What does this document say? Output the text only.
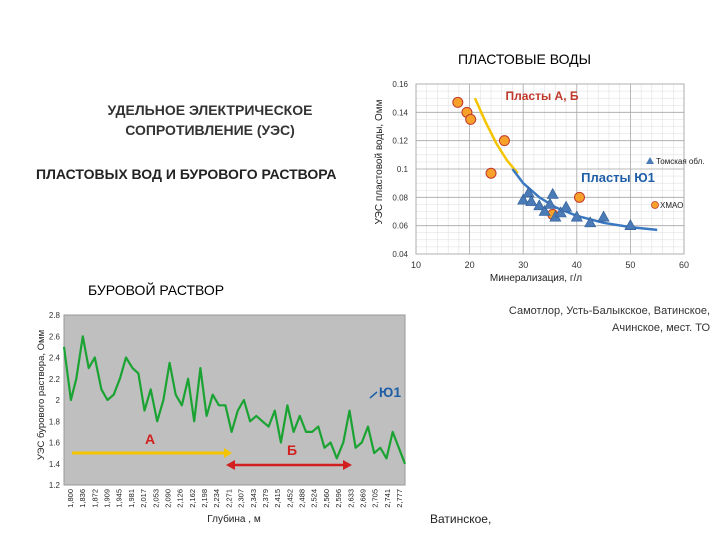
УДЕЛЬНОЕ ЭЛЕКТРИЧЕСКОЕ СОПРОТИВЛЕНИЕ (УЭС)
ПЛАСТОВЫХ ВОД И БУРОВОГО РАСТВОРА
ПЛАСТОВЫЕ ВОДЫ
БУРОВОЙ РАСТВОР
Самотлор, Усть-Балыкское, Ватинское, Ачинское, мест. ТО
Ватинское,
10	20	30	40	50	60
0.04
0.06
0.08
0.1
0.12
0.14
0.16
Минерализация, г/л
УЭС пластовой воды, Омм
Пласты А, Б
Пласты Ю1
Томская обл.
ХМАО
1.2
1.4
1.6
1.8
2
2.2
2.4
2.6
2.8
1,800 1,836 1,872 1,909 1,945 1,981 2,017 2,053 2,090 2,126 2,162 2,198 2,234 2,271 2,307 2,343 2,379 2,415 2,452 2,488 2,524 2,560 2,596 2,633 2,669 2,705 2,741 2,777
Глубина , м
УЭС бурового раствора, Омм	А
Б
Ю1
